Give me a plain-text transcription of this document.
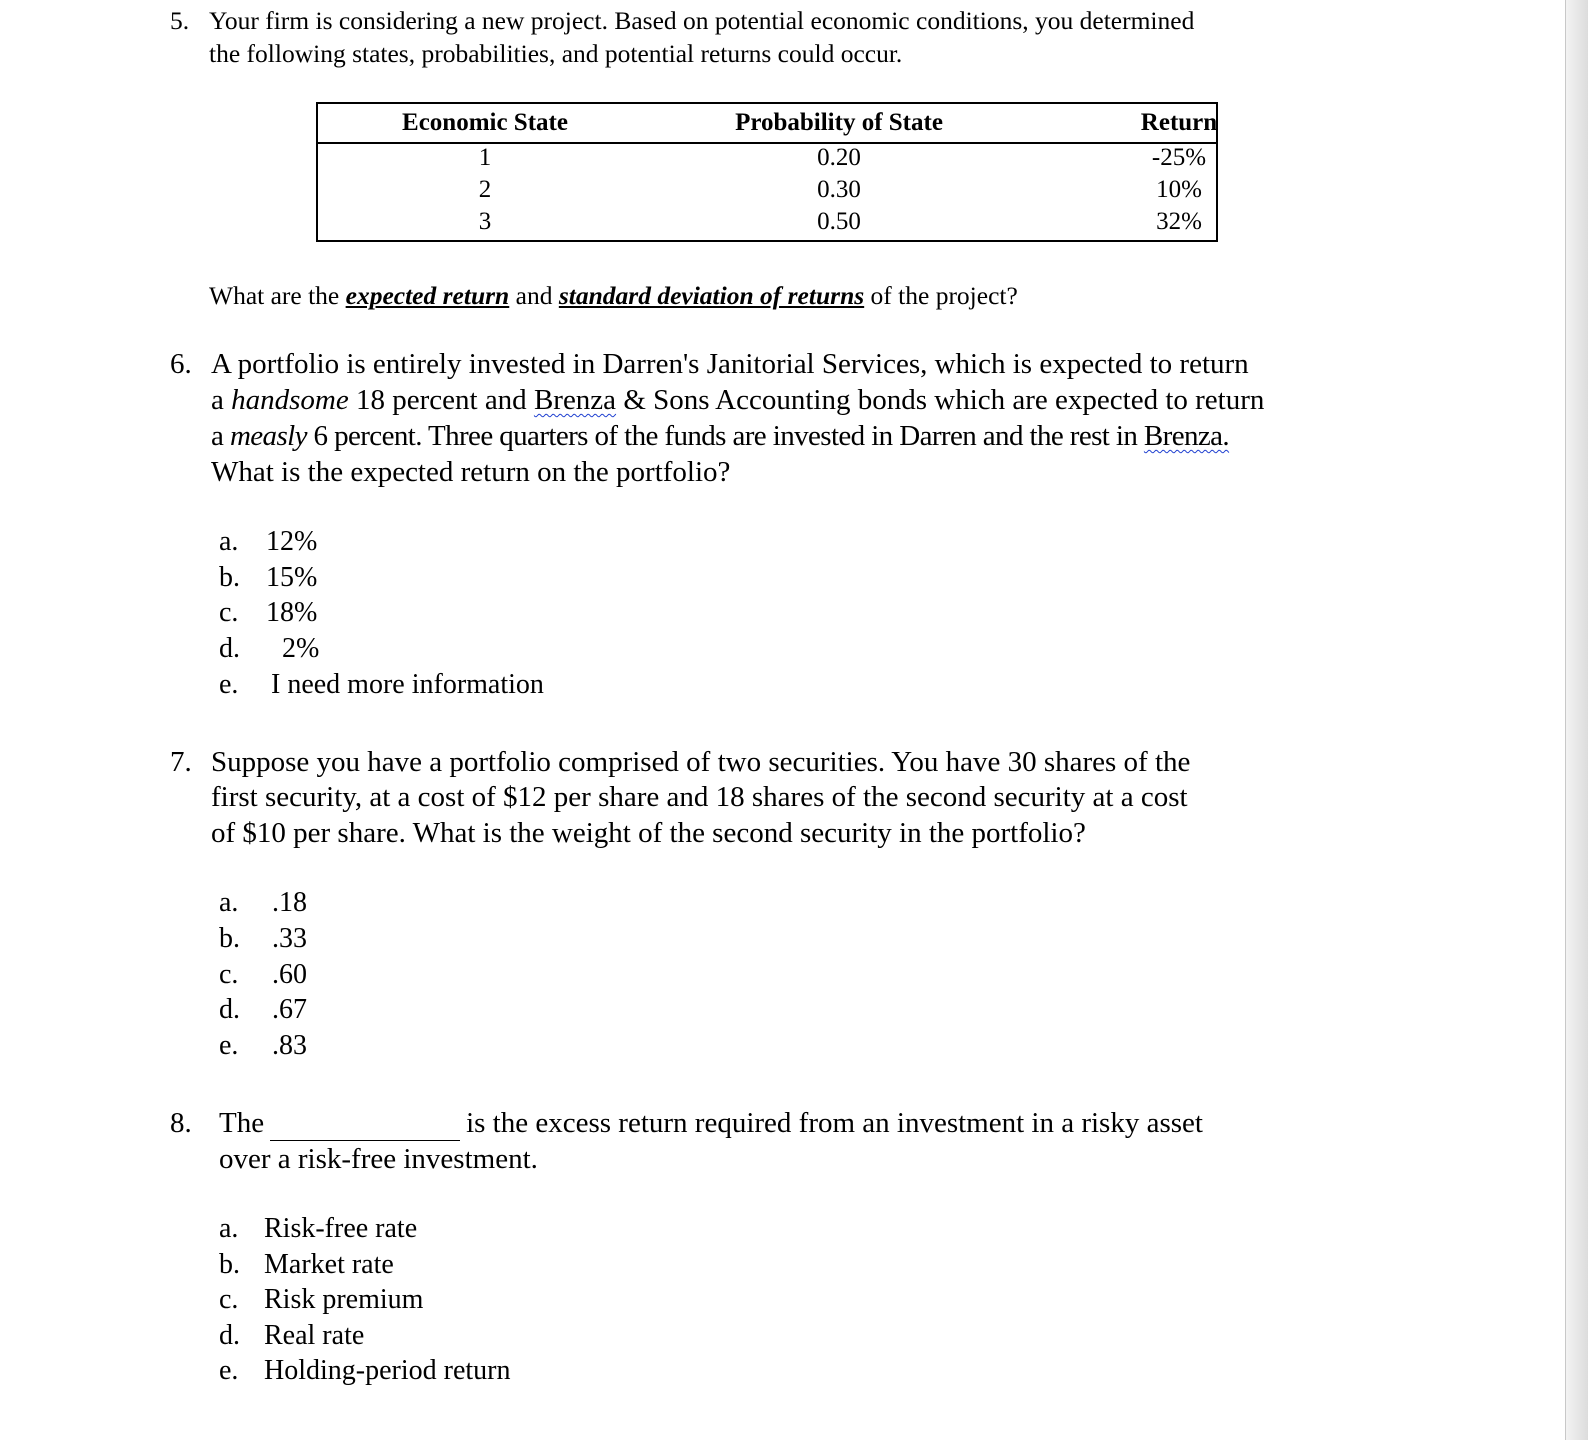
5. Your firm is considering a new project. Based on potential economic conditions, you determined
the following states, probabilities, and potential returns could occur.
Economic State	Probability of State	Return
1	0.20	-25%
2	0.30	10%
3	0.50	32%
What are the expected return and standard deviation of returns of the project?
6. A portfolio is entirely invested in Darren's Janitorial Services, which is expected to return
a handsome 18 percent and Brenza & Sons Accounting bonds which are expected to return
a measly 6 percent. Three quarters of the funds are invested in Darren and the rest in Brenza.
What is the expected return on the portfolio?
a. 12%
b. 15%
c. 18%
d. 2%
e. I need more information
7. Suppose you have a portfolio comprised of two securities. You have 30 shares of the
first security, at a cost of $12 per share and 18 shares of the second security at a cost
of $10 per share. What is the weight of the second security in the portfolio?
a. .18
b. .33
c. .60
d. .67
e. .83
8. The	is the excess return required from an investment in a risky asset
over a risk-free investment.
a. Risk-free rate
b. Market rate
c. Risk premium
d. Real rate
e. Holding-period return
